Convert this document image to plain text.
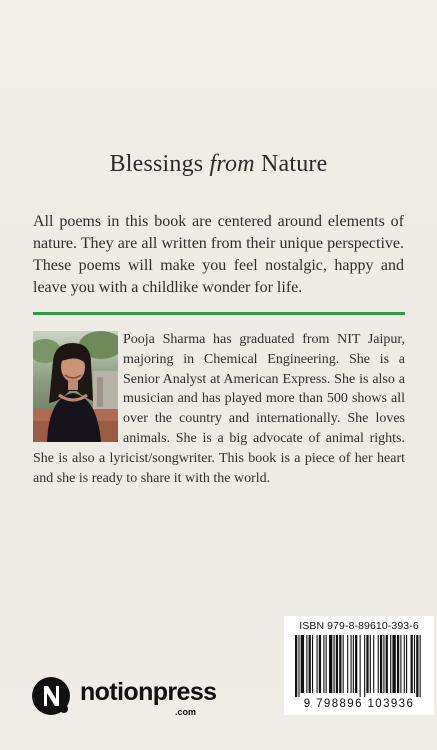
Blessings from Nature

All poems in this book are centered around elements of nature. They are all written from their unique perspective. These poems will make you feel nostalgic, happy and leave you with a childlike wonder for life.

Pooja Sharma has graduated from NIT Jaipur, majoring in Chemical Engineering. She is a Senior Analyst at American Express. She is also a musician and has played more than 500 shows all over the country and internationally. She loves animals. She is a big advocate of animal rights. She is also a lyricist/songwriter. This book is a piece of her heart and she is ready to share it with the world.
ISBN 979-8-89610-393-6
9 798896 103936
notionpress
.com
